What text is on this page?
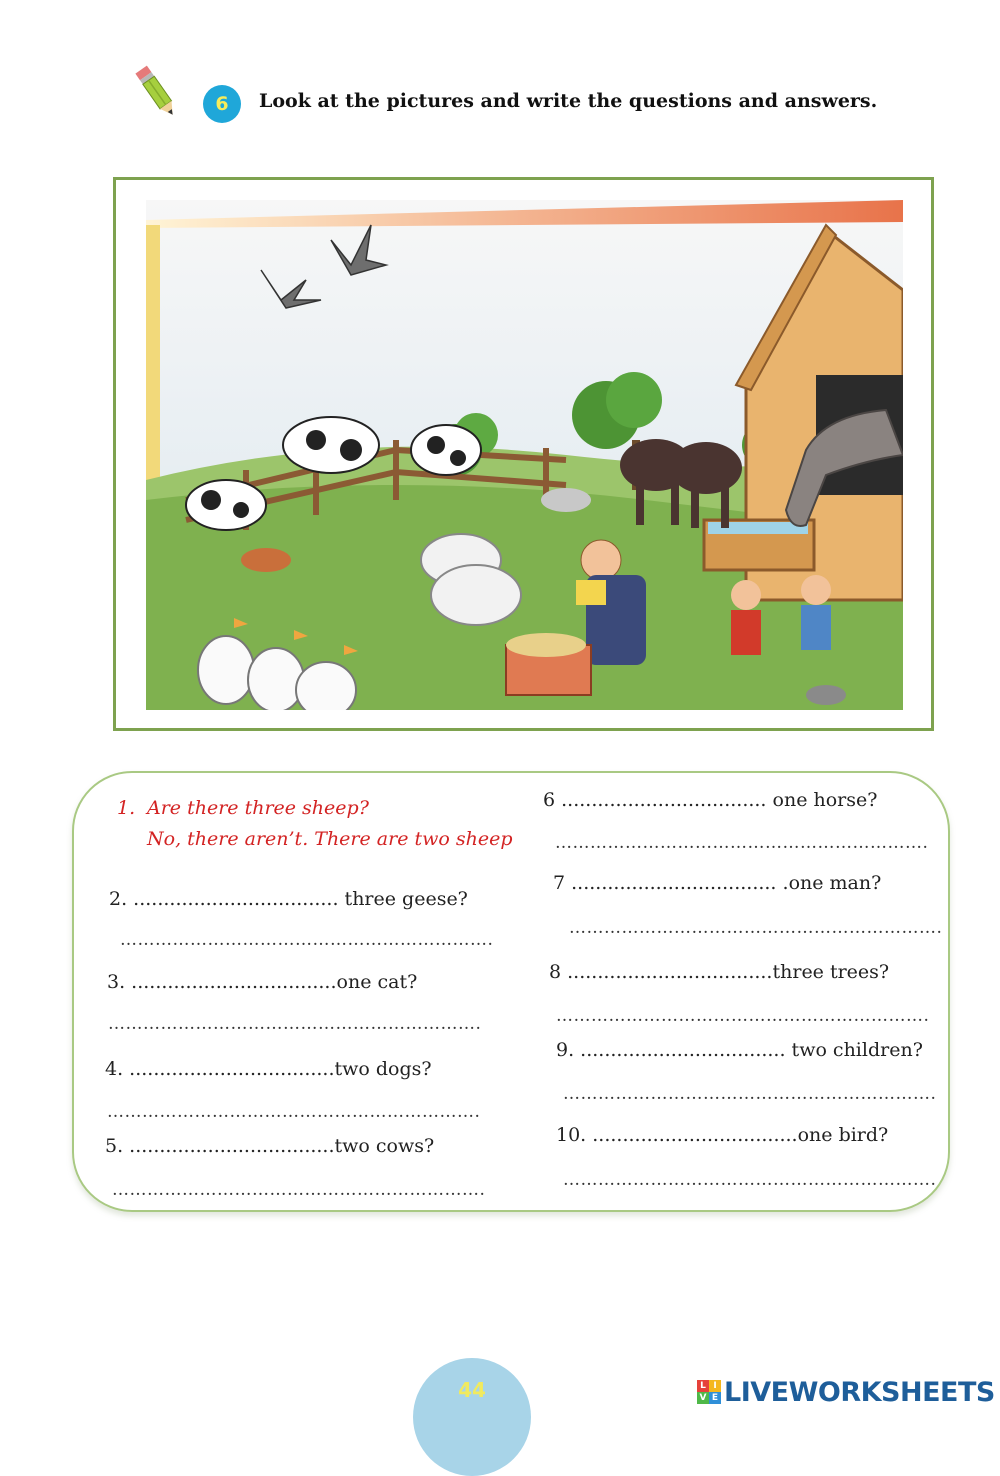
6	Look at the pictures and write the questions and answers.
1. Are there three sheep?
No, there aren’t. There are two sheep
2. .................................. three geese?
……………………………………………………….
3. ..................................one cat?
……………………………………………………….
4. ..................................two dogs?
……………………………………………………….
5. ..................................two cows?
……………………………………………………….
6 .................................. one horse?
……………………………………………………….
7 .................................. .one man?
……………………………………………………….
8 ..................................three trees?
……………………………………………………….
9. .................................. two children?
……………………………………………………….
10. ..................................one bird?
……………………………………………………….
44	L I
V E LIVEWORKSHEETS
